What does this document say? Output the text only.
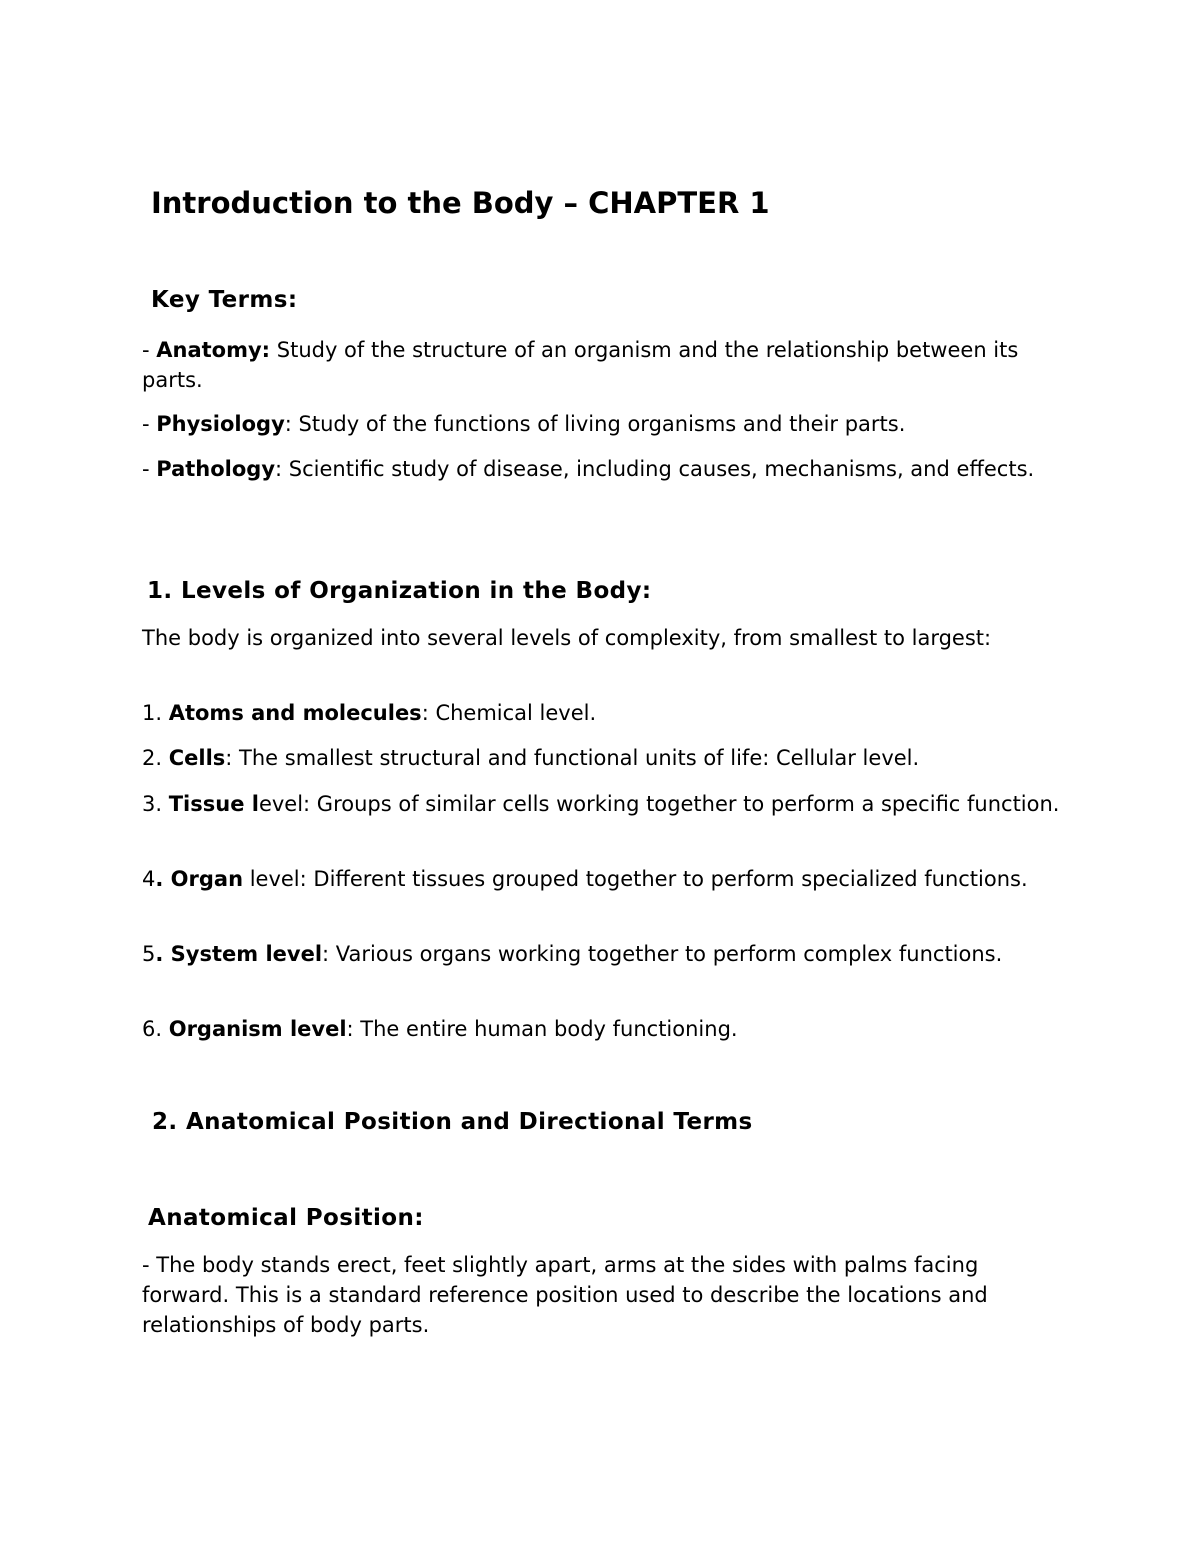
Introduction to the Body – CHAPTER 1
Key Terms:

- Anatomy: Study of the structure of an organism and the relationship between its parts.

- Physiology: Study of the functions of living organisms and their parts.

- Pathology: Scientific study of disease, including causes, mechanisms, and effects.

1. Levels of Organization in the Body:

The body is organized into several levels of complexity, from smallest to largest:

1. Atoms and molecules: Chemical level.

2. Cells: The smallest structural and functional units of life: Cellular level.

3. Tissue level: Groups of similar cells working together to perform a specific function.

4. Organ level: Different tissues grouped together to perform specialized functions.

5. System level: Various organs working together to perform complex functions.

6. Organism level: The entire human body functioning.

2. Anatomical Position and Directional Terms
Anatomical Position:

- The body stands erect, feet slightly apart, arms at the sides with palms facing forward. This is a standard reference position used to describe the locations and relationships of body parts.
